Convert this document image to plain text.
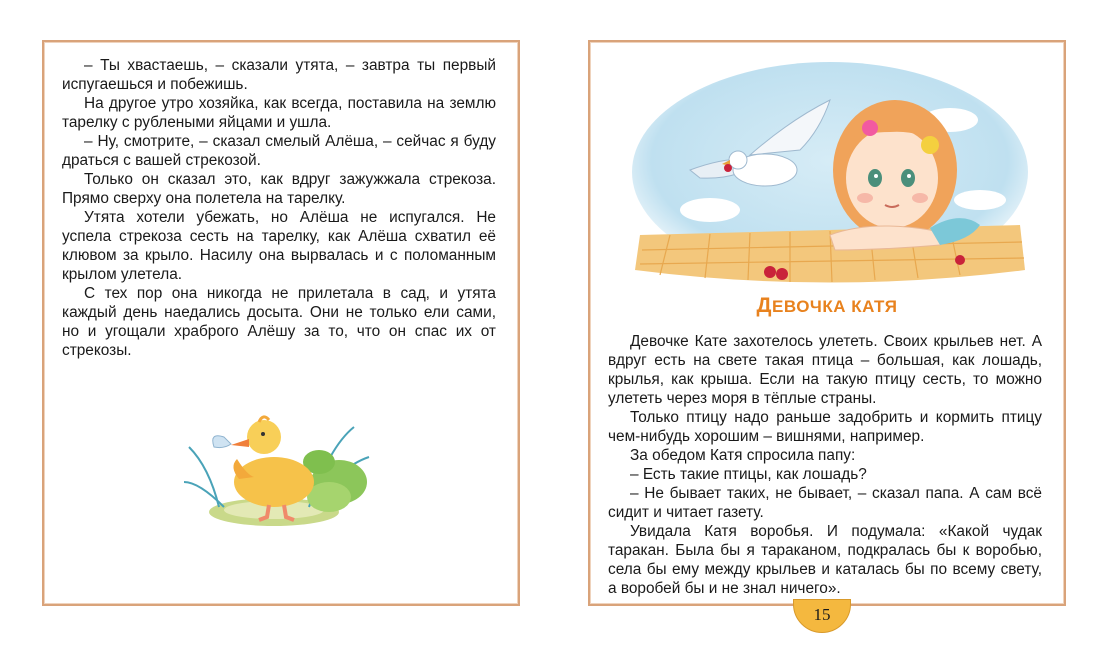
– Ты хвастаешь, – сказали утята, – завтра ты первый испугаешься и побежишь.

На другое утро хозяйка, как всегда, поставила на землю тарелку с рублеными яйцами и ушла.

– Ну, смотрите, – сказал смелый Алёша, – сейчас я буду драться с вашей стрекозой.

Только он сказал это, как вдруг зажужжала стрекоза. Прямо сверху она полетела на тарелку.

Утята хотели убежать, но Алёша не испугался. Не успела стрекоза сесть на тарелку, как Алёша схватил её клювом за крыло. Насилу она вырвалась и с поломанным крылом улетела.

С тех пор она никогда не прилетала в сад, и утята каждый день наедались досыта. Они не только ели сами, но и угощали храброго Алёшу за то, что он спас их от стрекозы.

ДЕВОЧКА КАТЯ

Девочке Кате захотелось улететь. Своих крыльев нет. А вдруг есть на свете такая птица – большая, как лошадь, крылья, как крыша. Если на такую птицу сесть, то можно улететь через моря в тёплые страны.

Только птицу надо раньше задобрить и кормить птицу чем-нибудь хорошим – вишнями, например.

За обедом Катя спросила папу:

– Есть такие птицы, как лошадь?

– Не бывает таких, не бывает, – сказал папа. А сам всё сидит и читает газету.

Увидала Катя воробья. И подумала: «Какой чудак таракан. Была бы я тараканом, подкралась бы к воробью, села бы ему между крыльев и каталась бы по всему свету, а воробей бы и не знал ничего».

15
